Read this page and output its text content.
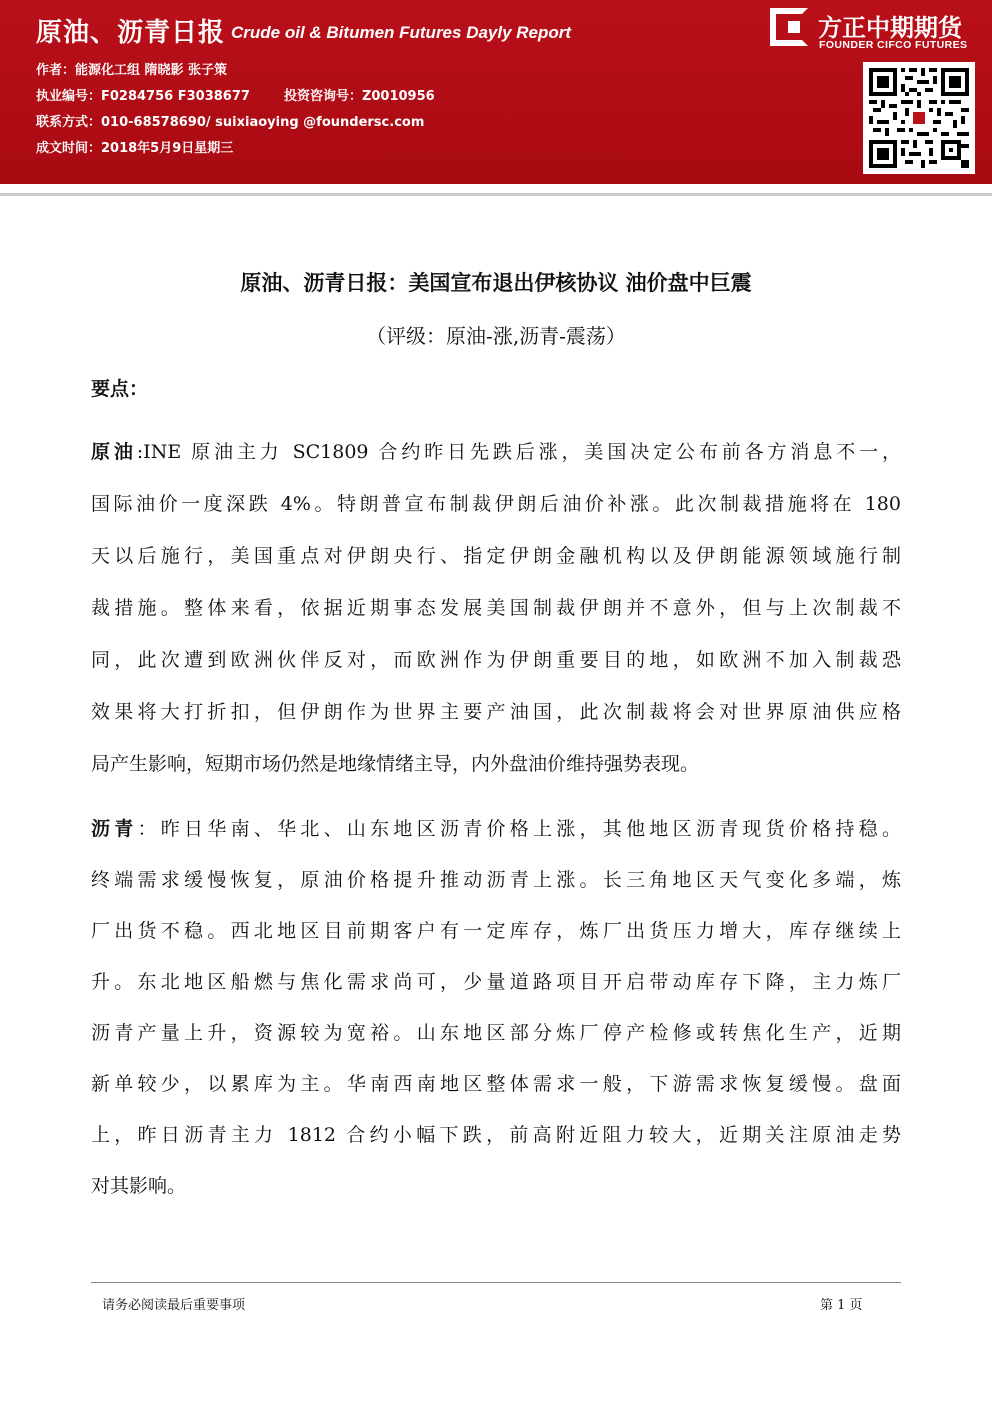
原油、沥青日报 Crude oil & Bitumen Futures Dayly Report
作者：能源化工组 隋晓影 张子策
执业编号：F0284756 F3038677	投资咨询号：Z0010956
联系方式：010-68578690/ suixiaoying @foundersc.com
成文时间：2018年5月9日星期三
方正中期期货
FOUNDER CIFCO FUTURES
原油、沥青日报：美国宣布退出伊核协议 油价盘中巨震
（评级：原油-涨,沥青-震荡）
要点：
原油:INE 原油主力 SC1809 合约昨日先跌后涨，美国决定公布前各方消息不一，
国际油价一度深跌 4%。特朗普宣布制裁伊朗后油价补涨。此次制裁措施将在 180
天以后施行，美国重点对伊朗央行、指定伊朗金融机构以及伊朗能源领域施行制
裁措施。整体来看，依据近期事态发展美国制裁伊朗并不意外，但与上次制裁不
同，此次遭到欧洲伙伴反对，而欧洲作为伊朗重要目的地，如欧洲不加入制裁恐
效果将大打折扣，但伊朗作为世界主要产油国，此次制裁将会对世界原油供应格
局产生影响，短期市场仍然是地缘情绪主导，内外盘油价维持强势表现。
沥青：昨日华南、华北、山东地区沥青价格上涨，其他地区沥青现货价格持稳。
终端需求缓慢恢复，原油价格提升推动沥青上涨。长三角地区天气变化多端，炼
厂出货不稳。西北地区目前期客户有一定库存，炼厂出货压力增大，库存继续上
升。东北地区船燃与焦化需求尚可，少量道路项目开启带动库存下降，主力炼厂
沥青产量上升，资源较为宽裕。山东地区部分炼厂停产检修或转焦化生产，近期
新单较少，以累库为主。华南西南地区整体需求一般，下游需求恢复缓慢。盘面
上，昨日沥青主力 1812 合约小幅下跌，前高附近阻力较大，近期关注原油走势
对其影响。
请务必阅读最后重要事项	第 1 页
